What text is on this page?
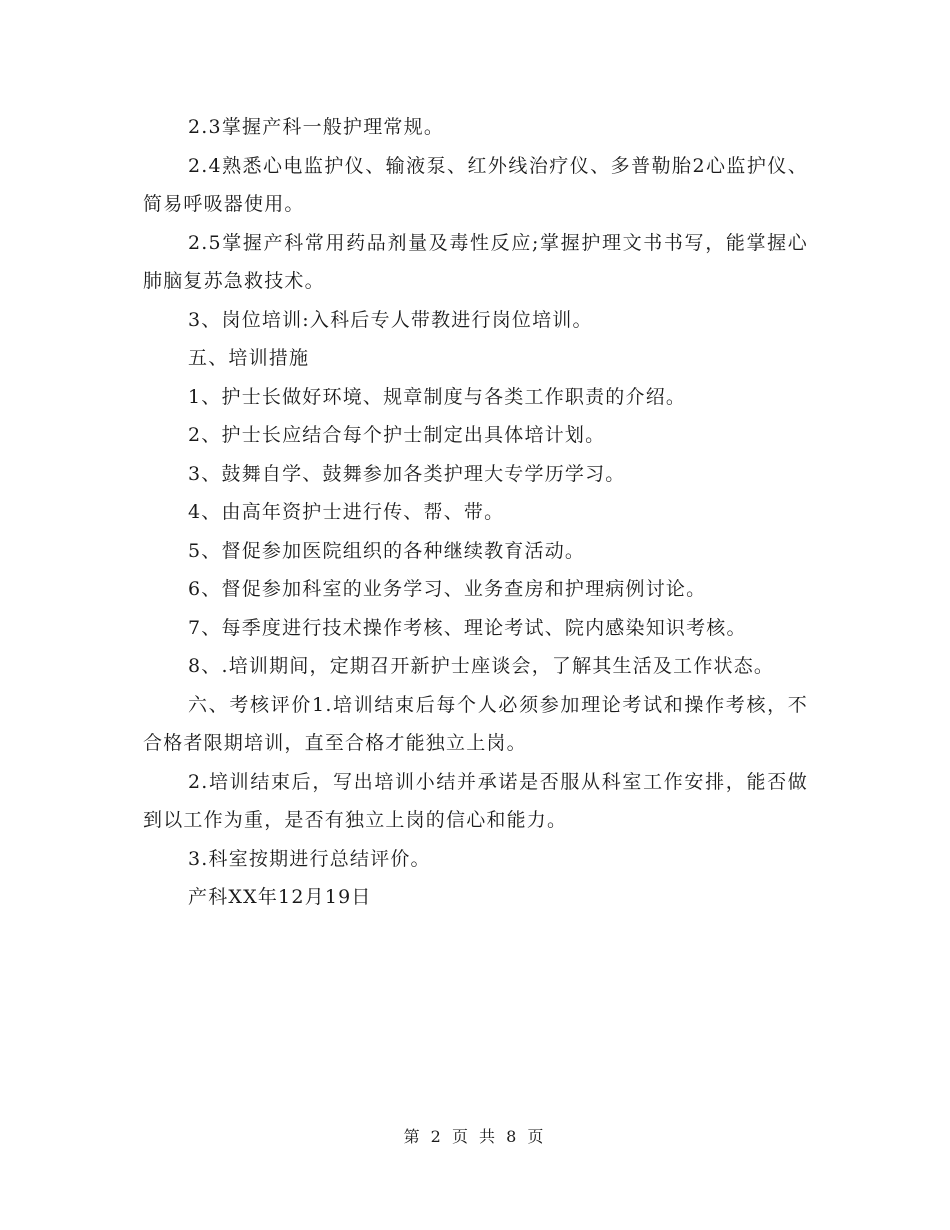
2.3掌握产科一般护理常规。

2.4熟悉心电监护仪、输液泵、红外线治疗仪、多普勒胎2心监护仪、简易呼吸器使用。

2.5掌握产科常用药品剂量及毒性反应;掌握护理文书书写，能掌握心肺脑复苏急救技术。

3、岗位培训:入科后专人带教进行岗位培训。

五、培训措施

1、护士长做好环境、规章制度与各类工作职责的介绍。

2、护士长应结合每个护士制定出具体培计划。

3、鼓舞自学、鼓舞参加各类护理大专学历学习。

4、由高年资护士进行传、帮、带。

5、督促参加医院组织的各种继续教育活动。

6、督促参加科室的业务学习、业务查房和护理病例讨论。

7、每季度进行技术操作考核、理论考试、院内感染知识考核。

8、.培训期间，定期召开新护士座谈会，了解其生活及工作状态。

六、考核评价1.培训结束后每个人必须参加理论考试和操作考核，不合格者限期培训，直至合格才能独立上岗。

2.培训结束后，写出培训小结并承诺是否服从科室工作安排，能否做到以工作为重，是否有独立上岗的信心和能力。

3.科室按期进行总结评价。

产科XX年12月19日

第 2 页 共 8 页
